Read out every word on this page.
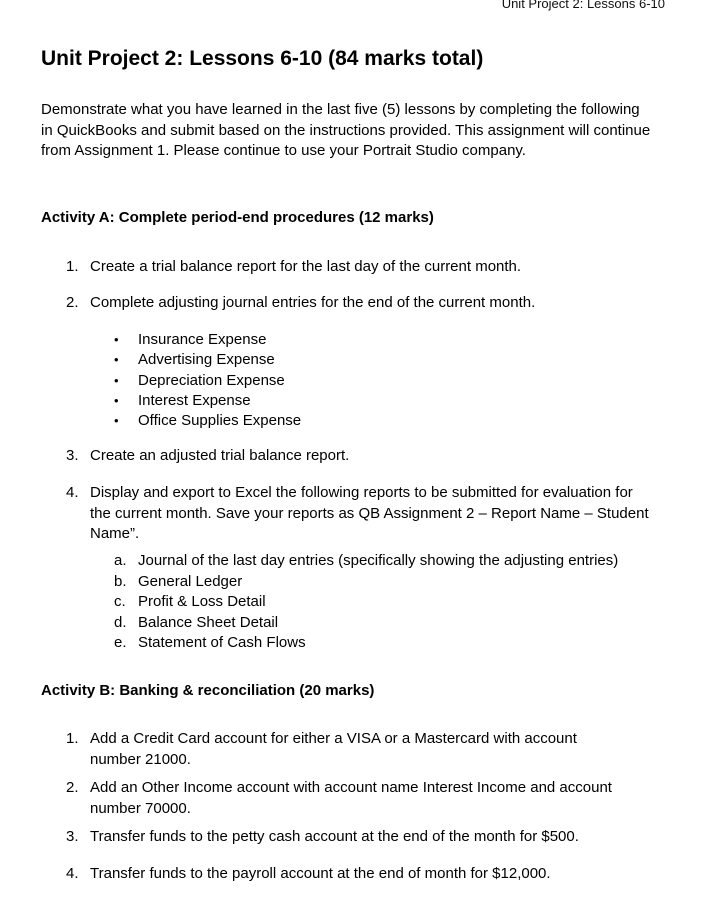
Unit Project 2: Lessons 6-10
Unit Project 2: Lessons 6-10 (84 marks total)

Demonstrate what you have learned in the last five (5) lessons by completing the following in QuickBooks and submit based on the instructions provided. This assignment will continue from Assignment 1. Please continue to use your Portrait Studio company.

Activity A: Complete period-end procedures (12 marks)
1. Create a trial balance report for the last day of the current month.
2. Complete adjusting journal entries for the end of the current month.
• Insurance Expense
• Advertising Expense
• Depreciation Expense
• Interest Expense
• Office Supplies Expense
3. Create an adjusted trial balance report.
4. Display and export to Excel the following reports to be submitted for evaluation for the current month. Save your reports as QB Assignment 2 – Report Name – Student Name”.
a. Journal of the last day entries (specifically showing the adjusting entries)
b. General Ledger
c. Profit & Loss Detail
d. Balance Sheet Detail
e. Statement of Cash Flows
Activity B: Banking & reconciliation (20 marks)
1. Add a Credit Card account for either a VISA or a Mastercard with account number 21000.
2. Add an Other Income account with account name Interest Income and account number 70000.
3. Transfer funds to the petty cash account at the end of the month for $500.
4. Transfer funds to the payroll account at the end of month for $12,000.
